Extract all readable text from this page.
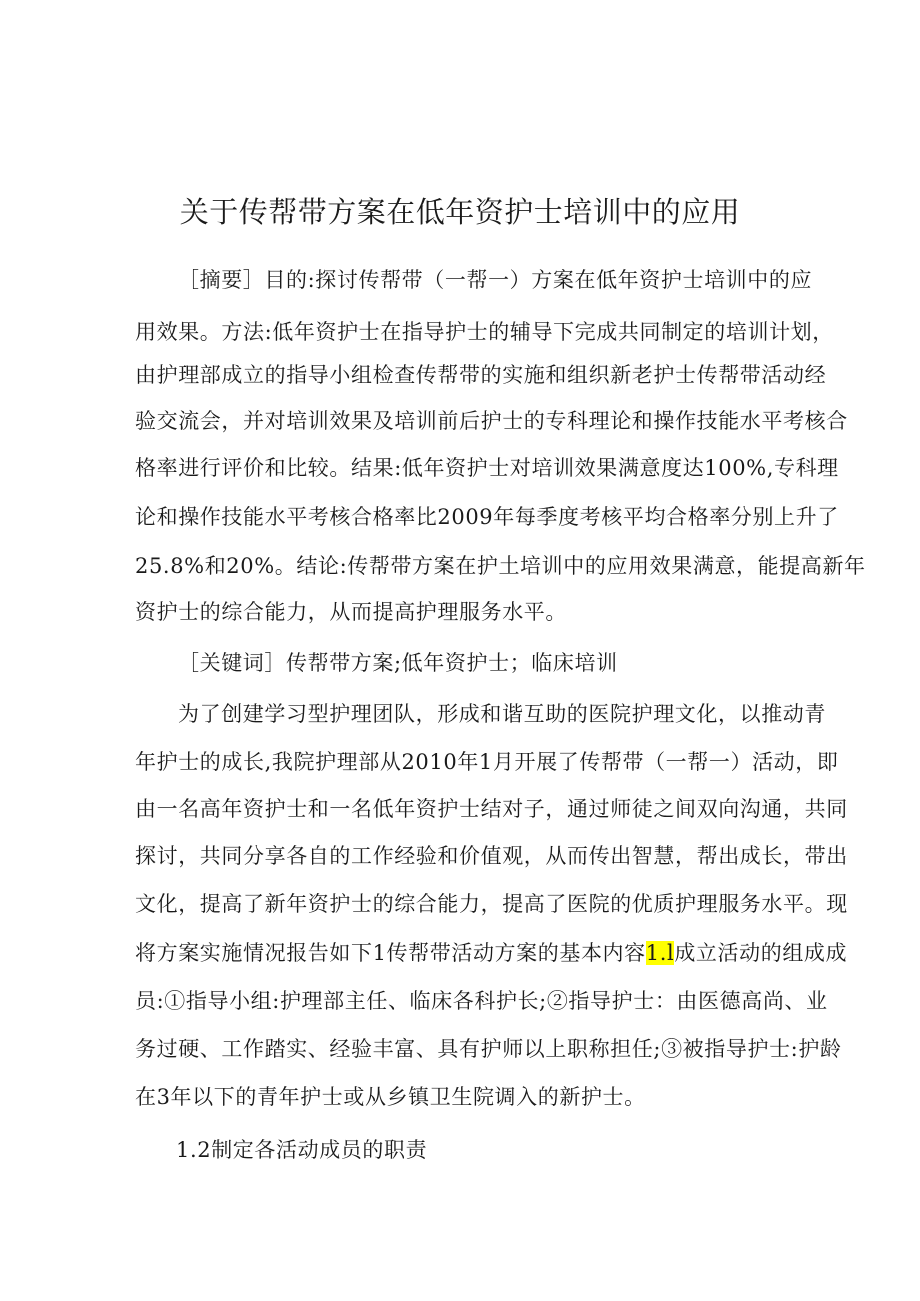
关于传帮带方案在低年资护士培训中的应用

［摘要］目的:探讨传帮带（一帮一）方案在低年资护士培训中的应

用效果。方法:低年资护士在指导护士的辅导下完成共同制定的培训计划，

由护理部成立的指导小组检查传帮带的实施和组织新老护士传帮带活动经

验交流会，并对培训效果及培训前后护士的专科理论和操作技能水平考核合

格率进行评价和比较。结果:低年资护士对培训效果满意度达100%,专科理

论和操作技能水平考核合格率比2009年每季度考核平均合格率分别上升了

25.8%和20%。结论:传帮带方案在护土培训中的应用效果满意，能提高新年

资护士的综合能力，从而提高护理服务水平。

［关键词］传帮带方案;低年资护士；临床培训

为了创建学习型护理团队，形成和谐互助的医院护理文化，以推动青

年护士的成长,我院护理部从2010年1月开展了传帮带（一帮一）活动，即

由一名高年资护士和一名低年资护士结对子，通过师徒之间双向沟通，共同

探讨，共同分享各自的工作经验和价值观，从而传出智慧，帮出成长，带出

文化，提高了新年资护士的综合能力，提高了医院的优质护理服务水平。现

将方案实施情况报告如下1传帮带活动方案的基本内容1.l成立活动的组成成

员:①指导小组:护理部主任、临床各科护长;②指导护士：由医德高尚、业

务过硬、工作踏实、经验丰富、具有护师以上职称担任;③被指导护士:护龄

在3年以下的青年护士或从乡镇卫生院调入的新护士。

1.2制定各活动成员的职责
